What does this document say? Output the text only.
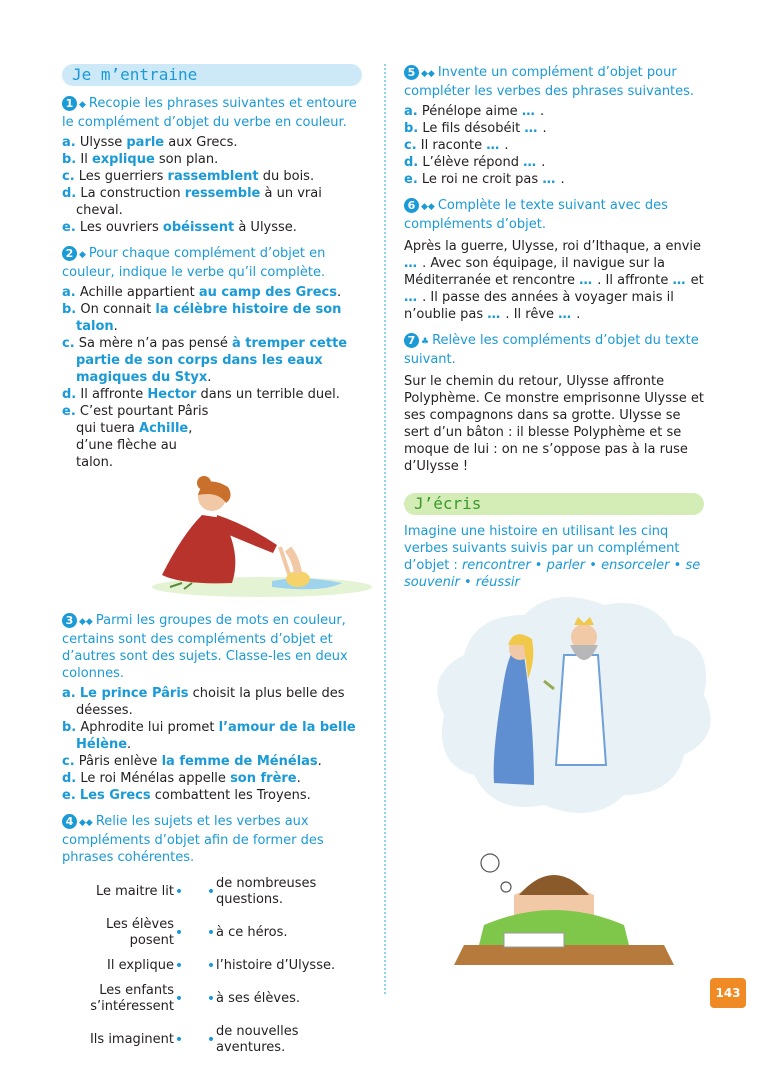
Je m’entraine
1 ◆ Recopie les phrases suivantes et entoure le complément d’objet du verbe en couleur.
a. Ulysse parle aux Grecs.
b. Il explique son plan.
c. Les guerriers rassemblent du bois.
d. La construction ressemble à un vrai cheval.
e. Les ouvriers obéissent à Ulysse.
2 ◆ Pour chaque complément d’objet en couleur, indique le verbe qu’il complète.
a. Achille appartient au camp des Grecs.
b. On connait la célèbre histoire de son talon.
c. Sa mère n’a pas pensé à tremper cette partie de son corps dans les eaux magiques du Styx.
d. Il affronte Hector dans un terrible duel.
e. C’est pourtant Pâris qui tuera Achille, d’une flèche au talon.
3 ◆◆ Parmi les groupes de mots en couleur, certains sont des compléments d’objet et d’autres sont des sujets. Classe-les en deux colonnes.
a. Le prince Pâris choisit la plus belle des déesses.
b. Aphrodite lui promet l’amour de la belle Hélène.
c. Pâris enlève la femme de Ménélas.
d. Le roi Ménélas appelle son frère.
e. Les Grecs combattent les Troyens.
4 ◆◆ Relie les sujets et les verbes aux compléments d’objet afin de former des phrases cohérentes.
Le maitre lit • •
de nombreuses questions.
Les élèves posent • • à ce héros.
Il explique • • l’histoire d’Ulysse.
Les enfants s’intéressent • • à ses élèves.
Ils imaginent • •
de nouvelles aventures.
5 ◆◆ Invente un complément d’objet pour compléter les verbes des phrases suivantes.
a. Pénélope aime … .
b. Le fils désobéit … .
c. Il raconte … .
d. L’élève répond … .
e. Le roi ne croit pas … .
6 ◆◆ Complète le texte suivant avec des compléments d’objet.
Après la guerre, Ulysse, roi d’Ithaque, a envie … . Avec son équipage, il navigue sur la Méditerranée et rencontre … . Il affronte … et … . Il passe des années à voyager mais il n’oublie pas … . Il rêve … .
7 ♣ Relève les compléments d’objet du texte suivant.
Sur le chemin du retour, Ulysse affronte Polyphème. Ce monstre emprisonne Ulysse et ses compagnons dans sa grotte. Ulysse se sert d’un bâton : il blesse Polyphème et se moque de lui : on ne s’oppose pas à la ruse d’Ulysse !
J’écris
Imagine une histoire en utilisant les cinq verbes suivants suivis par un complément d’objet : rencontrer • parler • ensorceler • se souvenir • réussir
143
